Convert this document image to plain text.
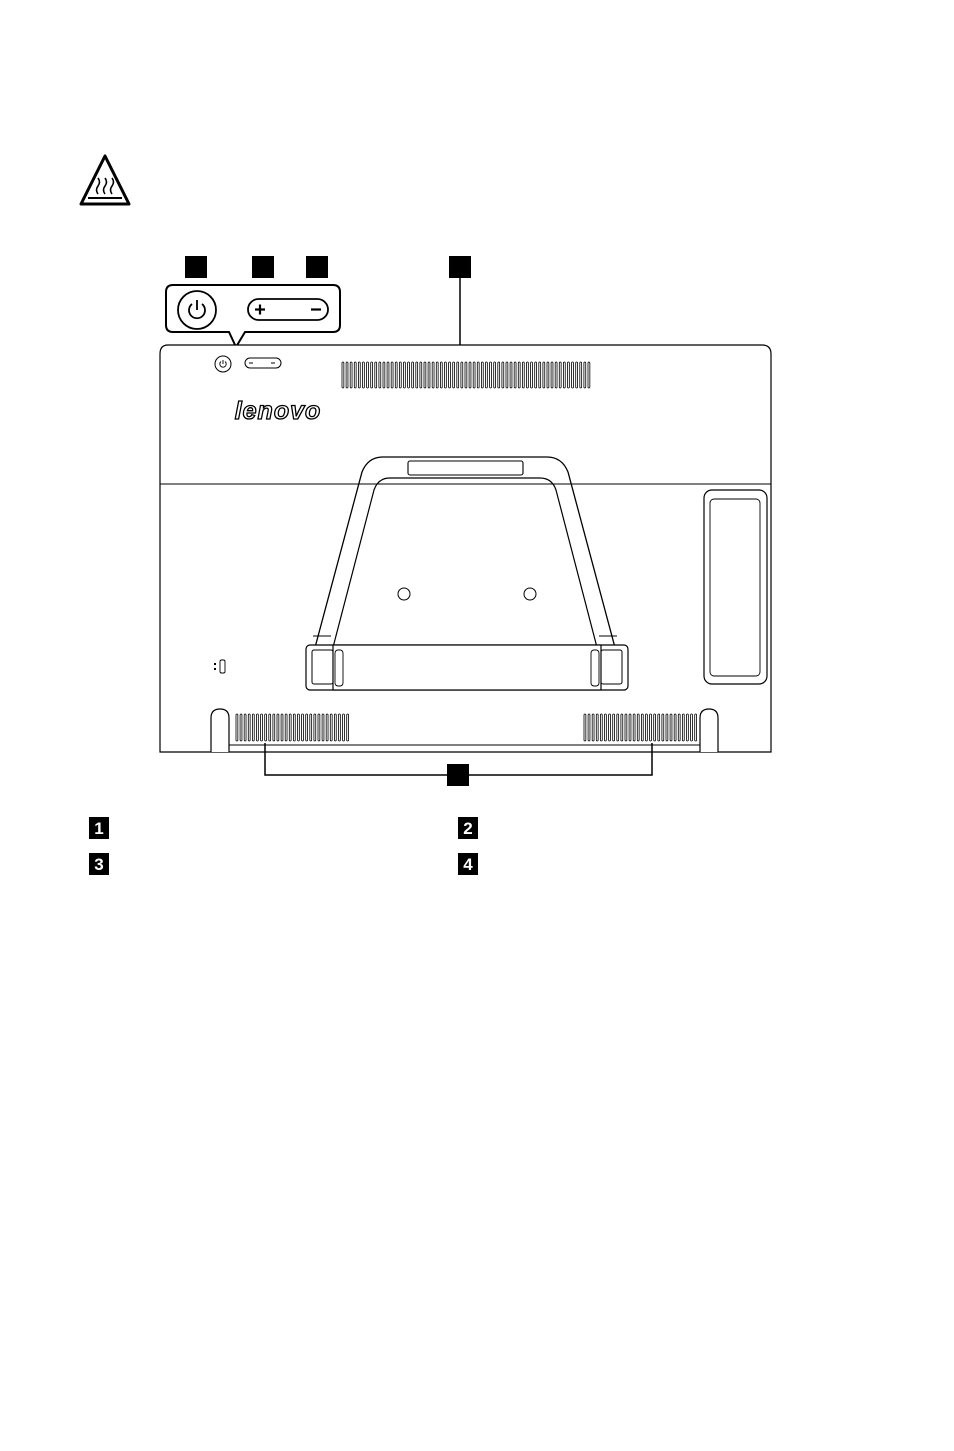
lenovo
1	2
3	4
